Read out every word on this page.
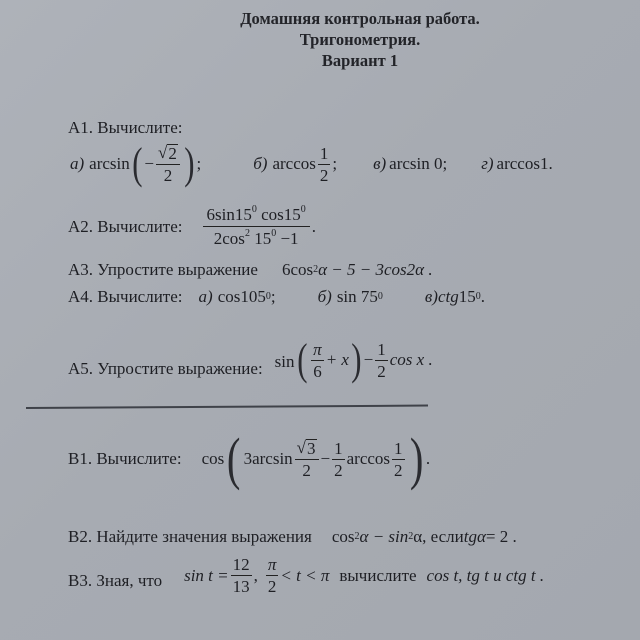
Домашняя контрольная работа.
Тригонометрия.
Вариант 1
A1. Вычислите:
а) arcsin ( − $\frac{√ 2}{2}$ ) ;	б) $\arccos \frac{1}{2}$ ; в) arcsin 0; г) arccos1.
A2. Вычислите: $\frac{6\sin 15^0 \cos 15^0}{2\cos^2 15^0 -1}$ .
A3. Упростите выражение 6cos 2 α − 5 − 3cos2α .
A4. Вычислите: а) cos105 0 ; б) sin 75 0 в) ctg 15 0 .
A5. Упростите выражение: sin ( $\frac{\pi}{6} + x$ ) − $\frac{1}{2}$ cos x .
B1. Вычислите: cos ( $3\arcsin \frac{√ 3}{2} - \frac{1}{2}$ $\arccos \frac{1}{2}$ ) .
B2. Найдите значения выражения cos 2 α − sin 2 α, если tgα = 2 .
B3. Зная, что $\sin t = \frac{12}{13}$ , $\frac{\pi}{2} < t < \pi$ вычислите cos t, tg t и ctg t .
